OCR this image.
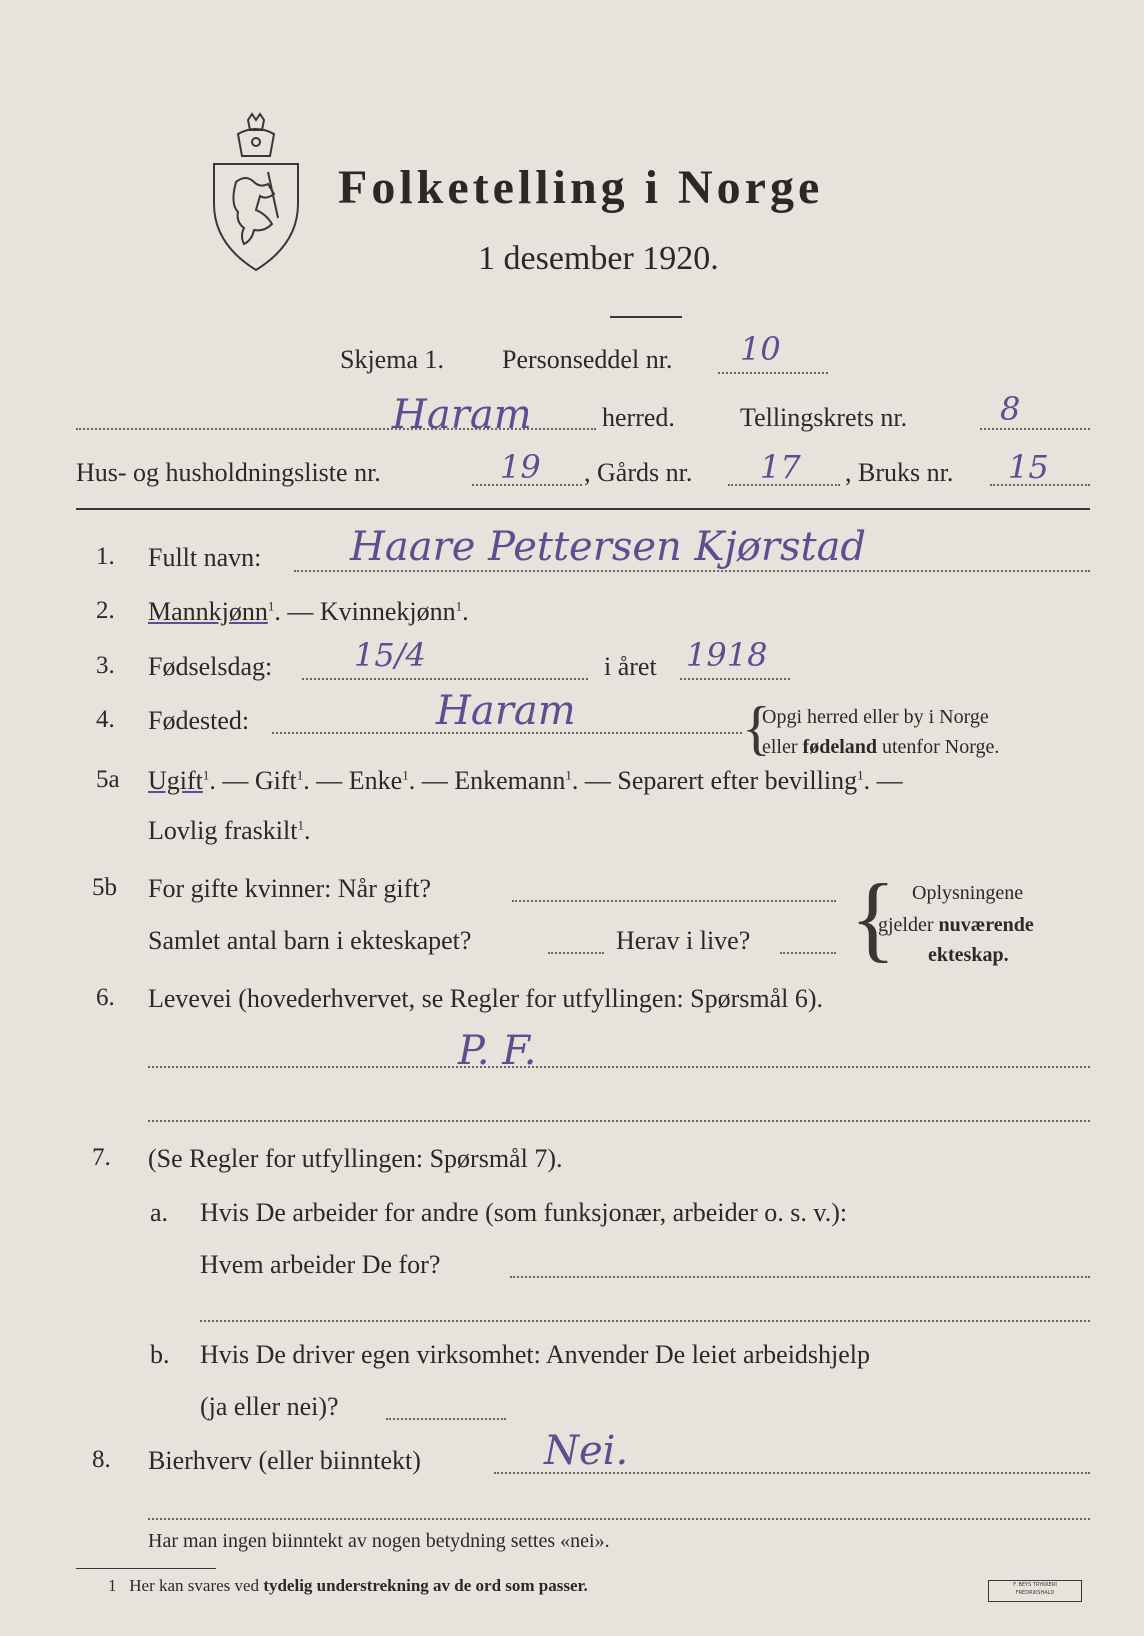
Folketelling i Norge
1 desember 1920.
Skjema 1. Personseddel nr. 10
Haram	herred.	Tellingskrets nr.	8
Hus- og husholdningsliste nr.	19 , Gårds nr. 17 , Bruks nr. 15
1. Fullt navn: Haare Pettersen Kjørstad
2. Mannkjønn$^1$. — Kvinnekjønn$^1$.
3. Fødselsdag:	15/4	i året 1918
4. Fødested:	Haram	{
Opgi herred eller by i Norge
eller fødeland utenfor Norge.
5a Ugift$^1$. — Gift$^1$. — Enke$^1$. — Enkemann$^1$. — Separert efter bevilling$^1$. —
Lovlig fraskilt$^1$.
5b For gifte kvinner: Når gift?
Samlet antal barn i ekteskapet?	Herav i live? { Oplysningene
gjelder nuværende
ekteskap.
6. Levevei (hovederhvervet, se Regler for utfyllingen: Spørsmål 6).
P. F.
7. (Se Regler for utfyllingen: Spørsmål 7).
a. Hvis De arbeider for andre (som funksjonær, arbeider o. s. v.):
Hvem arbeider De for?
b. Hvis De driver egen virksomhet: Anvender De leiet arbeidshjelp
(ja eller nei)?
8. Bierhverv (eller biinntekt)	Nei.
Har man ingen biinntekt av nogen betydning settes «nei».
1 Her kan svares ved tydelig understrekning av de ord som passer.	F. BEYS TRYKKERI
FREDRIKSHALD
